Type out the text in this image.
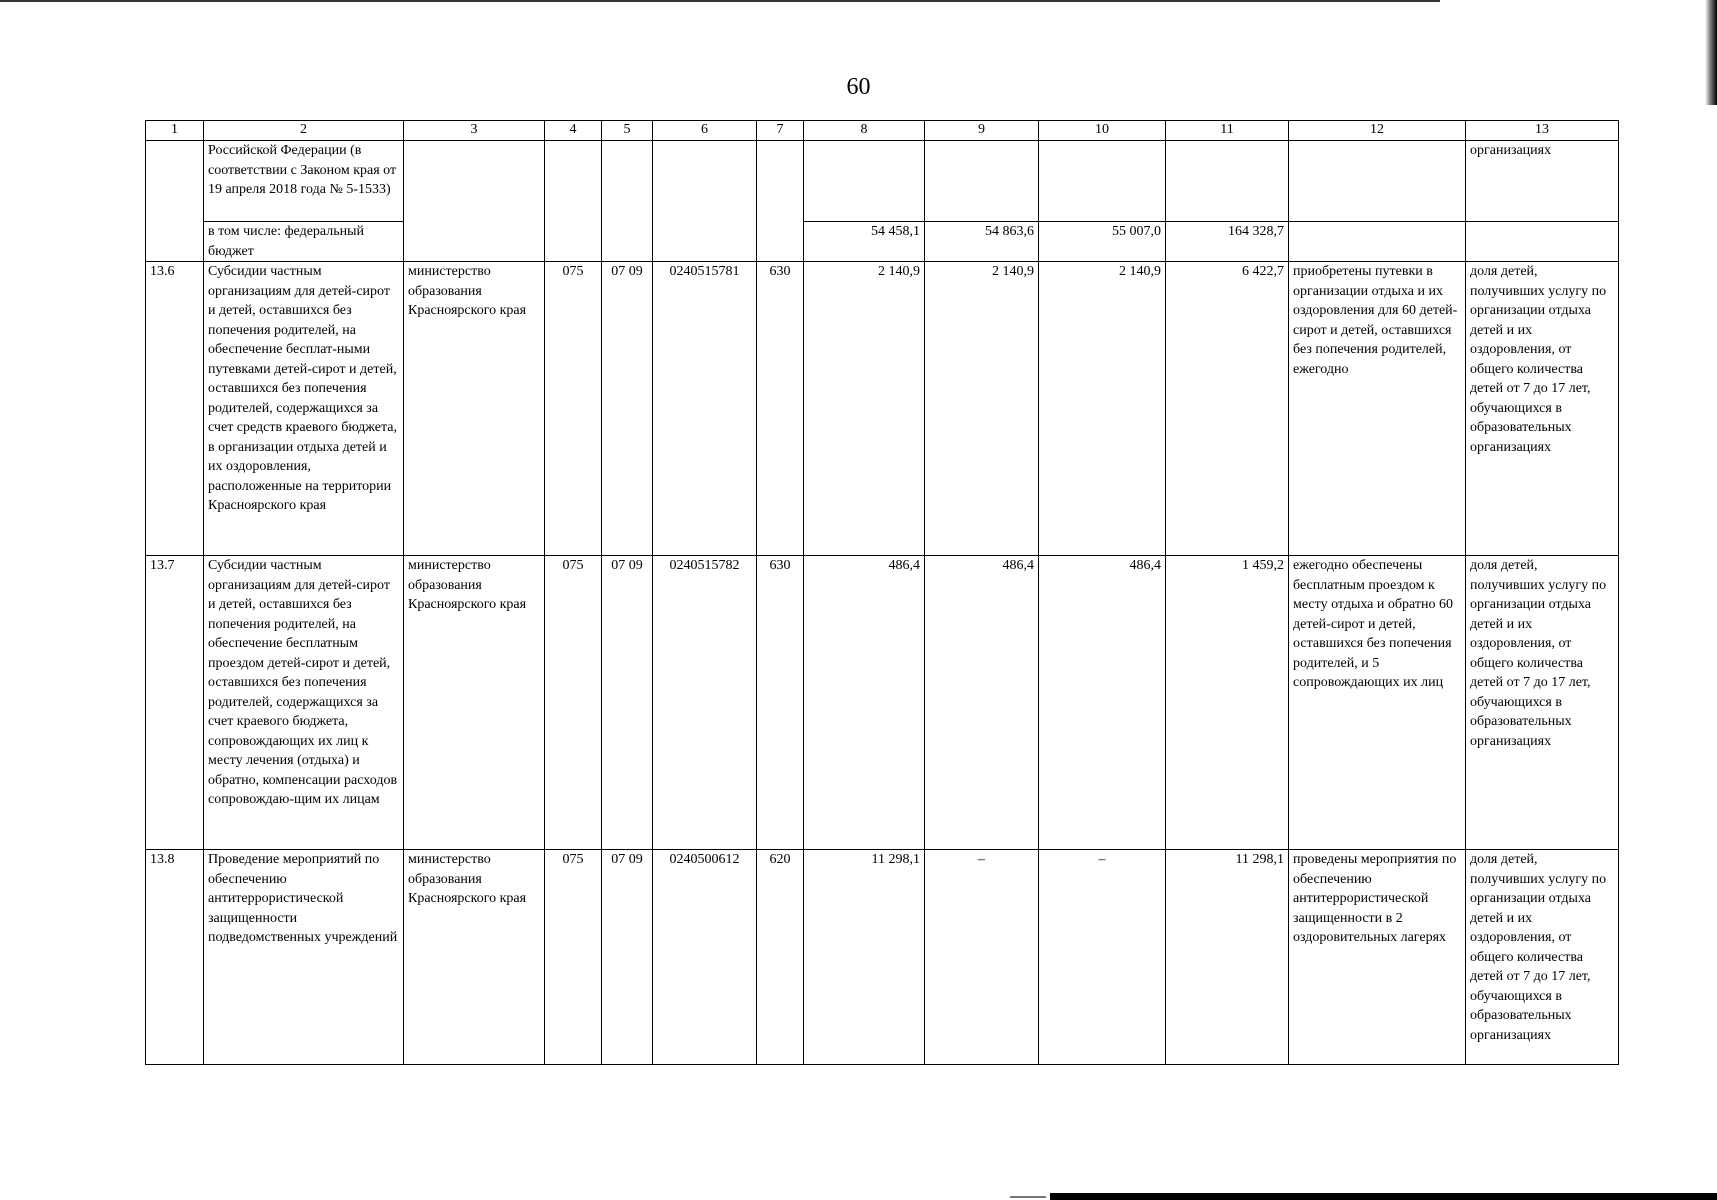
60
1	2	3	4	5	6	7	8	9	10	11	12	13
	Российской Федерации (в соответствии с Законом края от 19 апреля 2018 года № 5-1533)											организациях
	в том числе: федеральный бюджет						54 458,1	54 863,6	55 007,0	164 328,7		
13.6	Субсидии частным организациям для детей-сирот и детей, оставшихся без попечения родителей, на обеспечение бесплат-ными путевками детей-сирот и детей, оставшихся без попечения родителей, содержащихся за счет средств краевого бюджета, в организации отдыха детей и их оздоровления, расположенные на территории Красноярского края	министерство образования Красноярского края	075	07 09	0240515781	630	2 140,9	2 140,9	2 140,9	6 422,7	приобретены путевки в организации отдыха и их оздоровления для 60 детей-сирот и детей, оставшихся без попечения родителей, ежегодно	доля детей, получивших услугу по организации отдыха детей и их оздоровления, от общего количества детей от 7 до 17 лет, обучающихся в образовательных организациях
13.7	Субсидии частным организациям для детей-сирот и детей, оставшихся без попечения родителей, на обеспечение бесплатным проездом детей-сирот и детей, оставшихся без попечения родителей, содержащихся за счет краевого бюджета, сопровождающих их лиц к месту лечения (отдыха) и обратно, компенсации расходов сопровождаю-щим их лицам	министерство образования Красноярского края	075	07 09	0240515782	630	486,4	486,4	486,4	1 459,2	ежегодно обеспечены бесплатным проездом к месту отдыха и обратно 60 детей-сирот и детей, оставшихся без попечения родителей, и 5 сопровождающих их лиц	доля детей, получивших услугу по организации отдыха детей и их оздоровления, от общего количества детей от 7 до 17 лет, обучающихся в образовательных организациях
13.8	Проведение мероприятий по обеспечению антитеррористической защищенности подведомственных учреждений	министерство образования Красноярского края	075	07 09	0240500612	620	11 298,1	–	–	11 298,1	проведены мероприятия по обеспечению антитеррористической защищенности в 2 оздоровительных лагерях	доля детей, получивших услугу по организации отдыха детей и их оздоровления, от общего количества детей от 7 до 17 лет, обучающихся в образовательных организациях
